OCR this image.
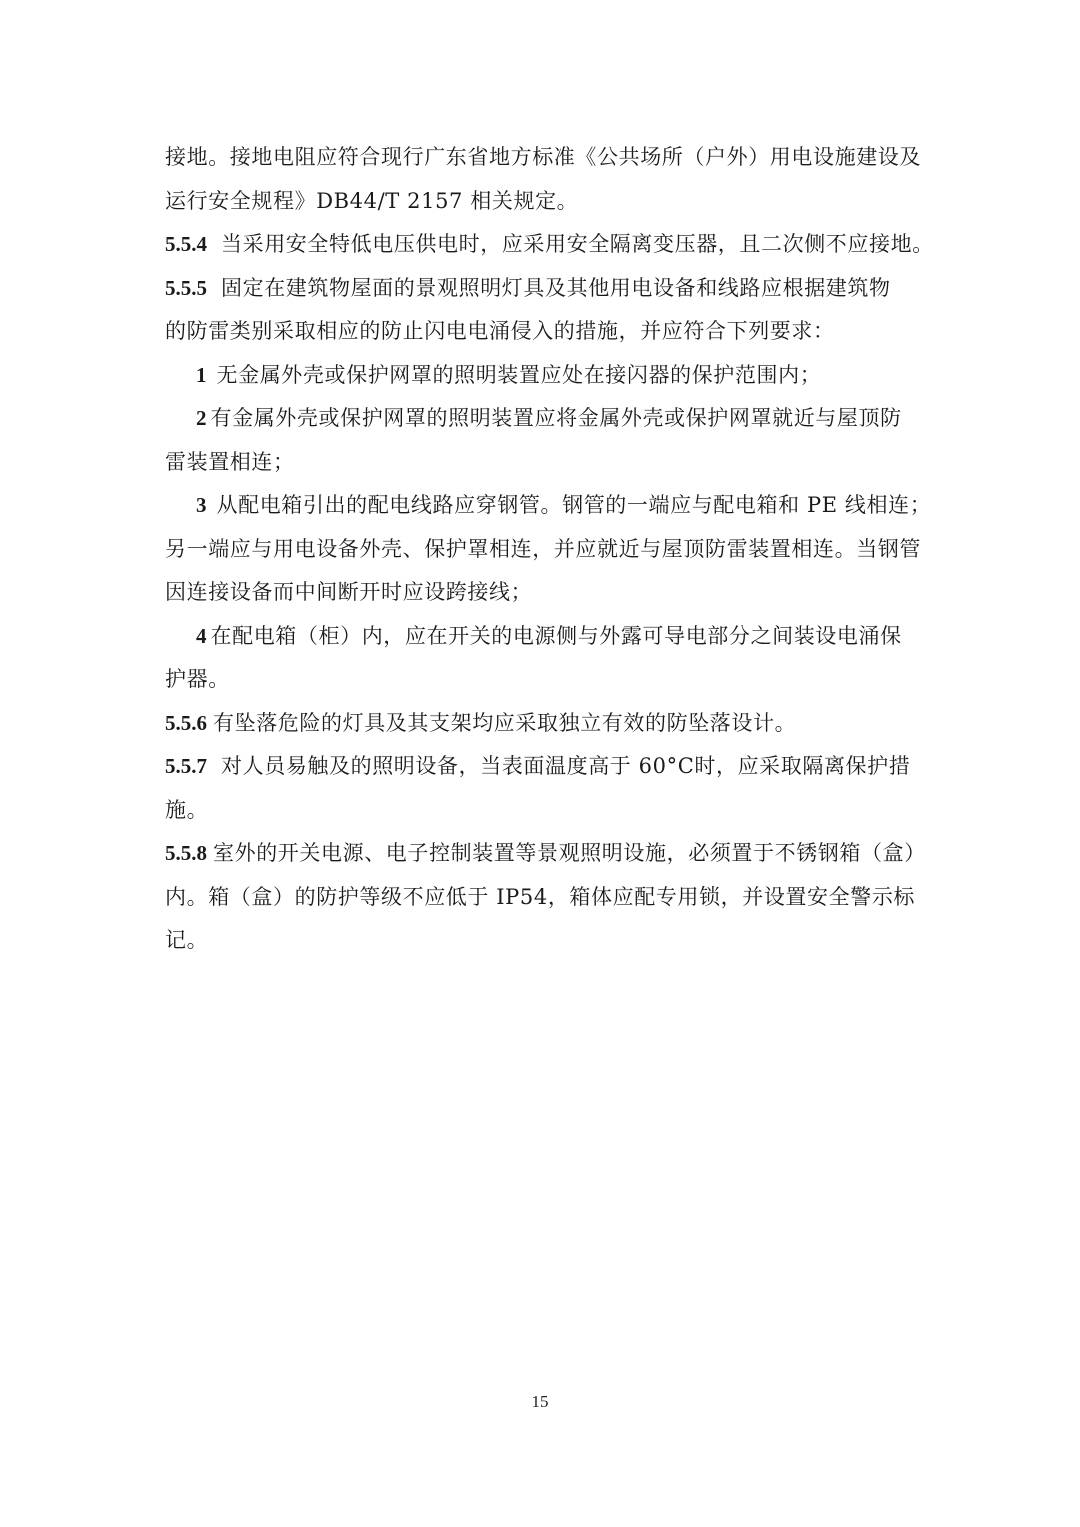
接地。接地电阻应符合现行广东省地方标准《公共场所（户外）用电设施建设及
运行安全规程》DB44/T 2157 相关规定。
5.5.4 当采用安全特低电压供电时，应采用安全隔离变压器，且二次侧不应接地。
5.5.5 固定在建筑物屋面的景观照明灯具及其他用电设备和线路应根据建筑物
的防雷类别采取相应的防止闪电电涌侵入的措施，并应符合下列要求：
1 无金属外壳或保护网罩的照明装置应处在接闪器的保护范围内；
2 有金属外壳或保护网罩的照明装置应将金属外壳或保护网罩就近与屋顶防
雷装置相连；
3 从配电箱引出的配电线路应穿钢管。钢管的一端应与配电箱和 PE 线相连；
另一端应与用电设备外壳、保护罩相连，并应就近与屋顶防雷装置相连。当钢管
因连接设备而中间断开时应设跨接线；
4 在配电箱（柜）内，应在开关的电源侧与外露可导电部分之间装设电涌保
护器。
5.5.6 有坠落危险的灯具及其支架均应采取独立有效的防坠落设计。
5.5.7 对人员易触及的照明设备，当表面温度高于 60°C时，应采取隔离保护措
施。
5.5.8 室外的开关电源、电子控制装置等景观照明设施，必须置于不锈钢箱（盒）
内。箱（盒）的防护等级不应低于 IP54，箱体应配专用锁，并设置安全警示标
记。
15
